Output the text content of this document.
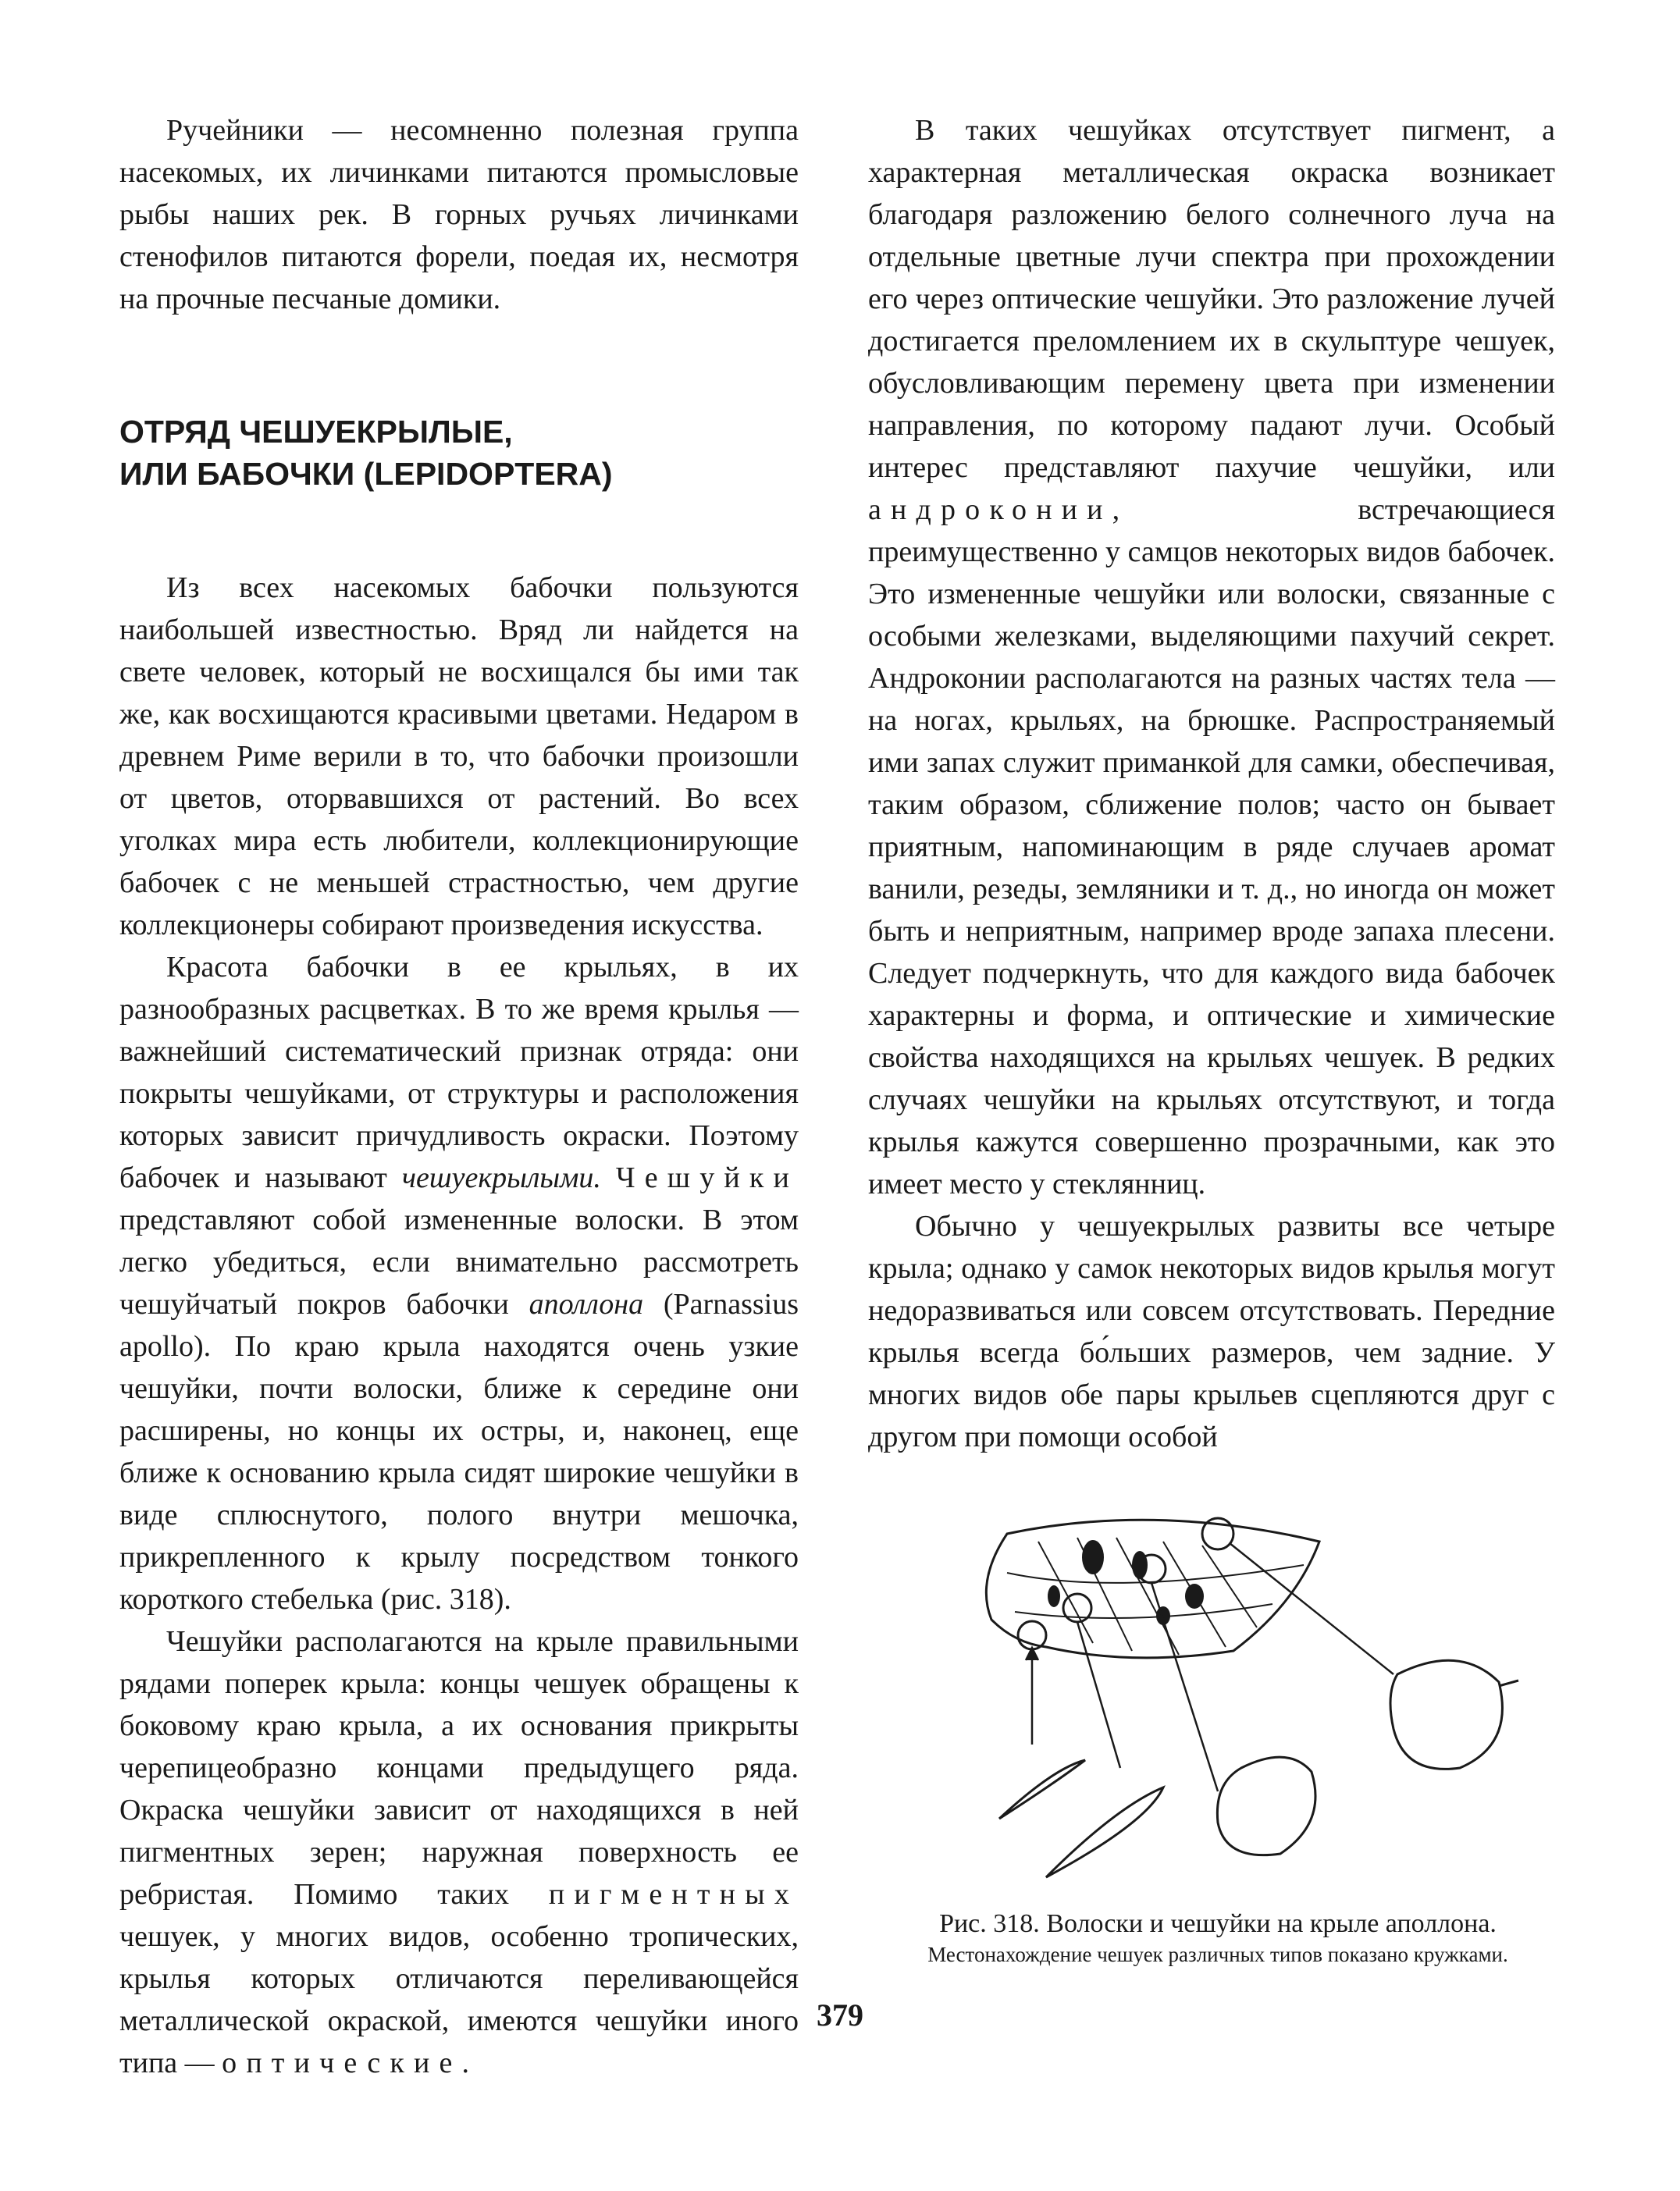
Ручейники — несомненно полезная группа насекомых, их личинками питаются промысловые рыбы наших рек. В горных ручьях личинками стенофилов питаются форели, поедая их, несмотря на прочные песчаные домики.

ОТРЯД ЧЕШУЕКРЫЛЫЕ,
ИЛИ БАБОЧКИ (LEPIDOPTERA)

Из всех насекомых бабочки пользуются наибольшей известностью. Вряд ли найдется на свете человек, который не восхищался бы ими так же, как восхищаются красивыми цветами. Недаром в древнем Риме верили в то, что бабочки произошли от цветов, оторвавшихся от растений. Во всех уголках мира есть любители, коллекционирующие бабочек с не меньшей страстностью, чем другие коллекционеры собирают произведения искусства.

Красота бабочки в ее крыльях, в их разнообразных расцветках. В то же время крылья — важнейший систематический признак отряда: они покрыты чешуйками, от структуры и расположения которых зависит причудливость окраски. Поэтому бабочек и называют чешуекрылыми. Чешуйки представляют собой измененные волоски. В этом легко убедиться, если внимательно рассмотреть чешуйчатый покров бабочки аполлона (Parnassius apollo). По краю крыла находятся очень узкие чешуйки, почти волоски, ближе к середине они расширены, но концы их остры, и, наконец, еще ближе к основанию крыла сидят широкие чешуйки в виде сплюснутого, полого внутри мешочка, прикрепленного к крылу посредством тонкого короткого стебелька (рис. 318).

Чешуйки располагаются на крыле правильными рядами поперек крыла: концы чешуек обращены к боковому краю крыла, а их основания прикрыты черепицеобразно концами предыдущего ряда. Окраска чешуйки зависит от находящихся в ней пигментных зерен; наружная поверхность ее ребристая. Помимо таких пигментных чешуек, у многих видов, особенно тропических, крылья которых отличаются переливающейся металлической окраской, имеются чешуйки иного типа — оптические.

В таких чешуйках отсутствует пигмент, а характерная металлическая окраска возникает благодаря разложению белого солнечного луча на отдельные цветные лучи спектра при прохождении его через оптические чешуйки. Это разложение лучей достигается преломлением их в скульптуре чешуек, обусловливающим перемену цвета при изменении направления, по которому падают лучи. Особый интерес представляют пахучие чешуйки, или андроконии, встречающиеся преимущественно у самцов некоторых видов бабочек. Это измененные чешуйки или волоски, связанные с особыми железками, выделяющими пахучий секрет. Андроконии располагаются на разных частях тела — на ногах, крыльях, на брюшке. Распространяемый ими запах служит приманкой для самки, обеспечивая, таким образом, сближение полов; часто он бывает приятным, напоминающим в ряде случаев аромат ванили, резеды, земляники и т. д., но иногда он может быть и неприятным, например вроде запаха плесени. Следует подчеркнуть, что для каждого вида бабочек характерны и форма, и оптические и химические свойства находящихся на крыльях чешуек. В редких случаях чешуйки на крыльях отсутствуют, и тогда крылья кажутся совершенно прозрачными, как это имеет место у стеклянниц.

Обычно у чешуекрылых развиты все четыре крыла; однако у самок некоторых видов крылья могут недоразвиваться или совсем отсутствовать. Передние крылья всегда бо́льших размеров, чем задние. У многих видов обе пары крыльев сцепляются друг с другом при помощи особой

Рис. 318. Волоски и чешуйки на крыле аполлона.
Местонахождение чешуек различных типов показано кружками.
379
